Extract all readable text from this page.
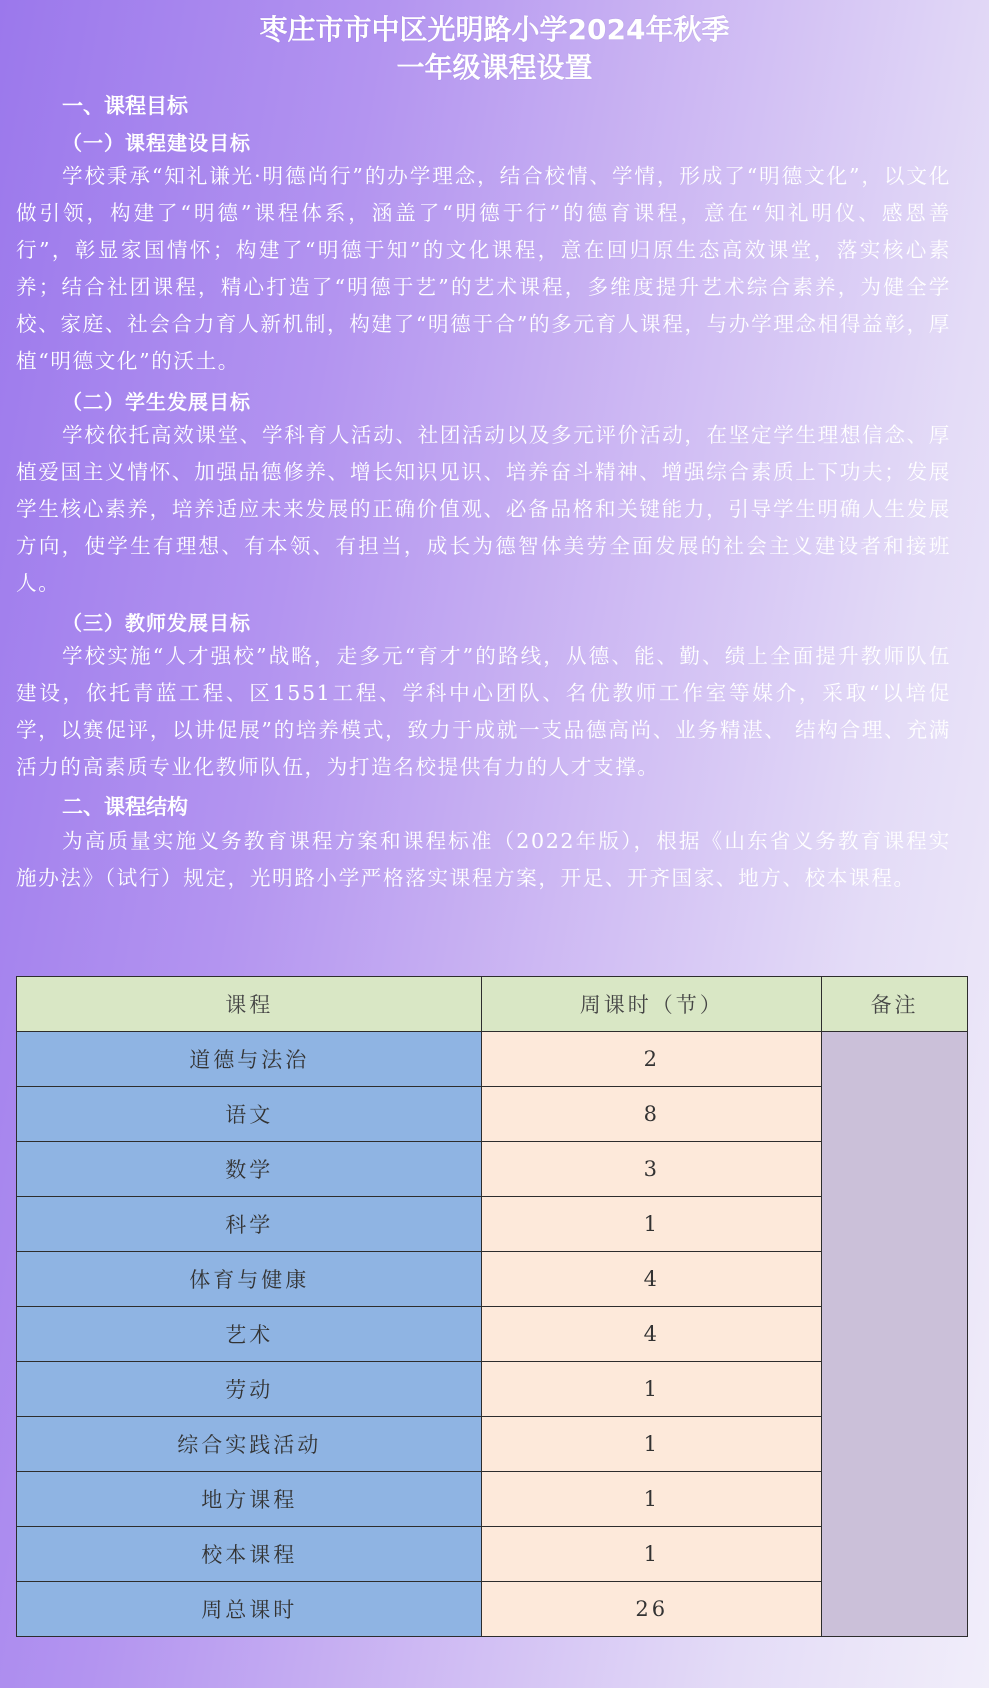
枣庄市市中区光明路小学2024年秋季
一年级课程设置
一、课程目标
（一）课程建设目标

学校秉承“知礼谦光·明德尚行”的办学理念，结合校情、学情，形成了“明德文化”，以文化做引领，构建了“明德”课程体系，涵盖了“明德于行”的德育课程，意在“知礼明仪、感恩善行”，彰显家国情怀；构建了“明德于知”的文化课程，意在回归原生态高效课堂，落实核心素养；结合社团课程，精心打造了“明德于艺”的艺术课程，多维度提升艺术综合素养，为健全学校、家庭、社会合力育人新机制，构建了“明德于合”的多元育人课程，与办学理念相得益彰，厚植“明德文化”的沃土。

（二）学生发展目标

学校依托高效课堂、学科育人活动、社团活动以及多元评价活动，在坚定学生理想信念、厚植爱国主义情怀、加强品德修养、增长知识见识、培养奋斗精神、增强综合素质上下功夫；发展学生核心素养，培养适应未来发展的正确价值观、必备品格和关键能力，引导学生明确人生发展方向，使学生有理想、有本领、有担当，成长为德智体美劳全面发展的社会主义建设者和接班人。

（三）教师发展目标

学校实施“人才强校”战略，走多元“育才”的路线，从德、能、勤、绩上全面提升教师队伍建设，依托青蓝工程、区1551工程、学科中心团队、名优教师工作室等媒介，采取“以培促学，以赛促评，以讲促展”的培养模式，致力于成就一支品德高尚、业务精湛、 结构合理、充满活力的高素质专业化教师队伍，为打造名校提供有力的人才支撑。

二、课程结构

为高质量实施义务教育课程方案和课程标准（2022年版），根据《山东省义务教育课程实施办法》（试行）规定，光明路小学严格落实课程方案，开足、开齐国家、地方、校本课程。

课程	周课时（节）	备注
道德与法治	2	
语文	8	
数学	3	
科学	1	
体育与健康	4	
艺术	4	
劳动	1	
综合实践活动	1	
地方课程	1	
校本课程	1	
周总课时	26	
